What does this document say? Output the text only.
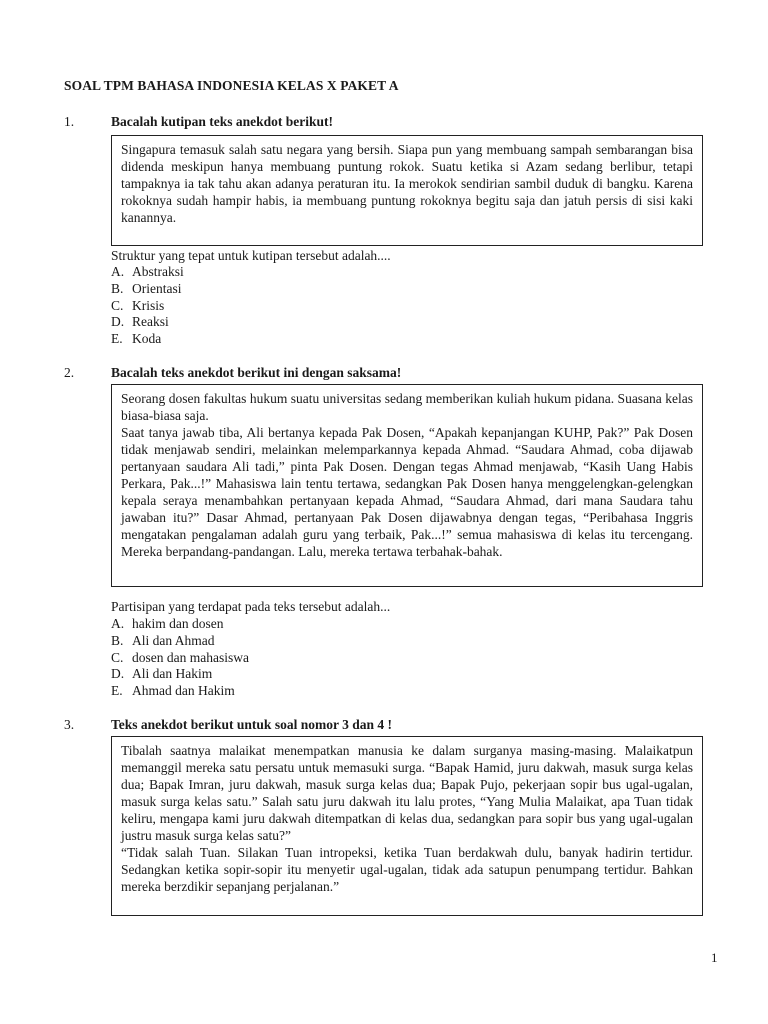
SOAL TPM BAHASA INDONESIA KELAS X PAKET A
1.	Bacalah kutipan teks anekdot berikut!

Singapura temasuk salah satu negara yang bersih. Siapa pun yang membuang sampah sembarangan bisa didenda meskipun hanya membuang puntung rokok. Suatu ketika si Azam sedang berlibur, tetapi tampaknya ia tak tahu akan adanya peraturan itu. Ia merokok sendirian sambil duduk di bangku. Karena rokoknya sudah hampir habis, ia membuang puntung rokoknya begitu saja dan jatuh persis di sisi kaki kanannya.

Struktur yang tepat untuk kutipan tersebut adalah....
A. Abstraksi
B. Orientasi
C. Krisis
D. Reaksi
E. Koda
2.	Bacalah teks anekdot berikut ini dengan saksama!

Seorang dosen fakultas hukum suatu universitas sedang memberikan kuliah hukum pidana. Suasana kelas biasa-biasa saja.

Saat tanya jawab tiba, Ali bertanya kepada Pak Dosen, “Apakah kepanjangan KUHP, Pak?” Pak Dosen tidak menjawab sendiri, melainkan melemparkannya kepada Ahmad. “Saudara Ahmad, coba dijawab pertanyaan saudara Ali tadi,” pinta Pak Dosen. Dengan tegas Ahmad menjawab, “Kasih Uang Habis Perkara, Pak...!” Mahasiswa lain tentu tertawa, sedangkan Pak Dosen hanya menggelengkan-gelengkan kepala seraya menambahkan pertanyaan kepada Ahmad, “Saudara Ahmad, dari mana Saudara tahu jawaban itu?” Dasar Ahmad, pertanyaan Pak Dosen dijawabnya dengan tegas, “Peribahasa Inggris mengatakan pengalaman adalah guru yang terbaik, Pak...!” semua mahasiswa di kelas itu tercengang. Mereka berpandang-pandangan. Lalu, mereka tertawa terbahak-bahak.

Partisipan yang terdapat pada teks tersebut adalah...
A. hakim dan dosen
B. Ali dan Ahmad
C. dosen dan mahasiswa
D. Ali dan Hakim
E. Ahmad dan Hakim
3.	Teks anekdot berikut untuk soal nomor 3 dan 4 !

Tibalah saatnya malaikat menempatkan manusia ke dalam surganya masing-masing. Malaikatpun memanggil mereka satu persatu untuk memasuki surga. “Bapak Hamid, juru dakwah, masuk surga kelas dua; Bapak Imran, juru dakwah, masuk surga kelas dua; Bapak Pujo, pekerjaan sopir bus ugal-ugalan, masuk surga kelas satu.” Salah satu juru dakwah itu lalu protes, “Yang Mulia Malaikat, apa Tuan tidak keliru, mengapa kami juru dakwah ditempatkan di kelas dua, sedangkan para sopir bus yang ugal-ugalan justru masuk surga kelas satu?”

“Tidak salah Tuan. Silakan Tuan intropeksi, ketika Tuan berdakwah dulu, banyak hadirin tertidur. Sedangkan ketika sopir-sopir itu menyetir ugal-ugalan, tidak ada satupun penumpang tertidur. Bahkan mereka berzdikir sepanjang perjalanan.”

1
